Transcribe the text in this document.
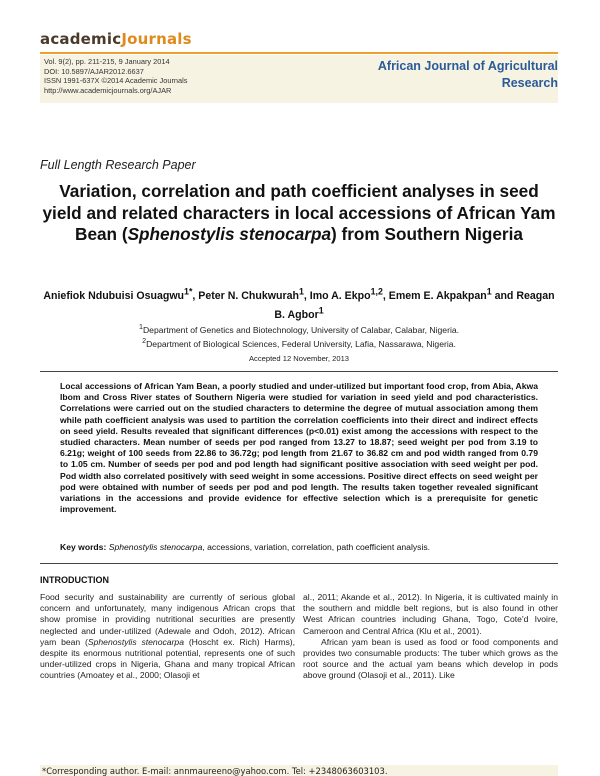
academicJournals
Vol. 9(2), pp. 211-215, 9 January 2014
DOI: 10.5897/AJAR2012.6637
ISSN 1991-637X ©2014 Academic Journals
http://www.academicjournals.org/AJAR
African Journal of Agricultural
Research
Full Length Research Paper
Variation, correlation and path coefficient analyses in seed yield and related characters in local accessions of African Yam Bean (Sphenostylis stenocarpa) from Southern Nigeria
Aniefiok Ndubuisi Osuagwu$^{1*}$, Peter N. Chukwurah$^1$, Imo A. Ekpo$^{1,2}$, Emem E. Akpakpan$^1$ and Reagan B. Agbor$^1$
$^1$Department of Genetics and Biotechnology, University of Calabar, Calabar, Nigeria.
$^2$Department of Biological Sciences, Federal University, Lafia, Nassarawa, Nigeria.
Accepted 12 November, 2013
Local accessions of African Yam Bean, a poorly studied and under-utilized but important food crop, from Abia, Akwa Ibom and Cross River states of Southern Nigeria were studied for variation in seed yield and pod characteristics. Correlations were carried out on the studied characters to determine the degree of mutual association among them while path coefficient analysis was used to partition the correlation coefficients into their direct and indirect effects on seed yield. Results revealed that significant differences (p<0.01) exist among the accessions with respect to the studied characters. Mean number of seeds per pod ranged from 13.27 to 18.87; seed weight per pod from 3.19 to 6.21g; weight of 100 seeds from 22.86 to 36.72g; pod length from 21.67 to 36.82 cm and pod width ranged from 0.79 to 1.05 cm. Number of seeds per pod and pod length had significant positive association with seed weight per pod. Pod width also correlated positively with seed weight in some accessions. Positive direct effects on seed weight per pod were obtained with number of seeds per pod and pod length. The results taken together revealed significant variations in the accessions and provide evidence for effective selection which is a prerequisite for genetic improvement.
Key words: Sphenostylis stenocarpa, accessions, variation, correlation, path coefficient analysis.
INTRODUCTION

Food security and sustainability are currently of serious global concern and unfortunately, many indigenous African crops that show promise in providing nutritional securities are presently neglected and under-utilized (Adewale and Odoh, 2012). African yam bean (Sphenostylis stenocarpa (Hoscht ex. Rich) Harms), despite its enormous nutritional potential, represents one of such under-utilized crops in Nigeria, Ghana and many tropical African countries (Amoatey et al., 2000; Olasoji et

al., 2011; Akande et al., 2012). In Nigeria, it is cultivated mainly in the southern and middle belt regions, but is also found in other West African countries including Ghana, Togo, Cote'd Ivoire, Cameroon and Central Africa (Klu et al., 2001).

African yam bean is used as food or food components and provides two consumable products: The tuber which grows as the root source and the actual yam beans which develop in pods above ground (Olasoji et al., 2011). Like

*Corresponding author. E-mail: annmaureeno@yahoo.com. Tel: +2348063603103.
